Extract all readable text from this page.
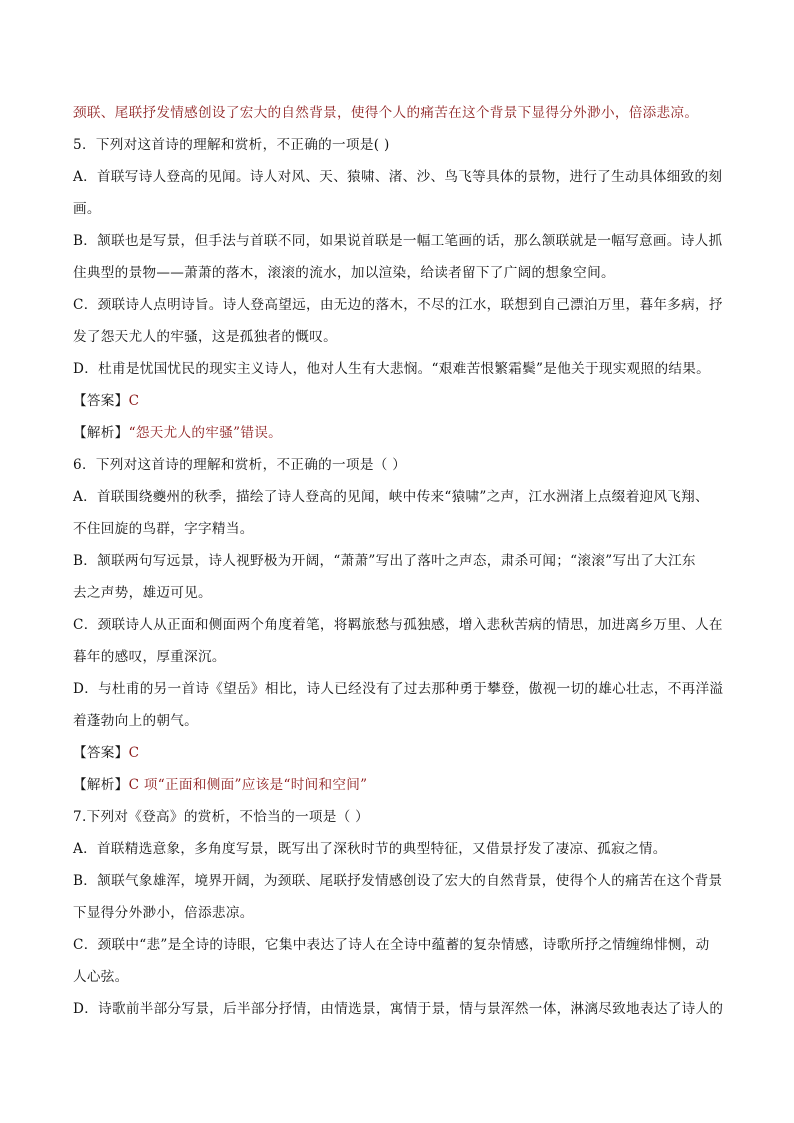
颈联、尾联抒发情感创设了宏大的自然背景，使得个人的痛苦在这个背景下显得分外渺小，倍添悲凉。
5．下列对这首诗的理解和赏析，不正确的一项是( )
A．首联写诗人登高的见闻。诗人对风、天、猿啸、渚、沙、鸟飞等具体的景物，进行了生动具体细致的刻
画。
B．颔联也是写景，但手法与首联不同，如果说首联是一幅工笔画的话，那么颔联就是一幅写意画。诗人抓
住典型的景物——萧萧的落木，滚滚的流水，加以渲染，给读者留下了广阔的想象空间。
C．颈联诗人点明诗旨。诗人登高望远，由无边的落木，不尽的江水，联想到自己漂泊万里，暮年多病，抒
发了怨天尤人的牢骚，这是孤独者的慨叹。
D．杜甫是忧国忧民的现实主义诗人，他对人生有大悲悯。“艰难苦恨繁霜鬓”是他关于现实观照的结果。
【答案】C
【解析】“怨天尤人的牢骚”错误。
6．下列对这首诗的理解和赏析，不正确的一项是（ ）
A．首联围绕夔州的秋季，描绘了诗人登高的见闻，峡中传来“猿啸”之声，江水洲渚上点缀着迎风飞翔、
不住回旋的鸟群，字字精当。
B．颔联两句写远景，诗人视野极为开阔，“萧萧”写出了落叶之声态，肃杀可闻；“滚滚”写出了大江东
去之声势，雄迈可见。
C．颈联诗人从正面和侧面两个角度着笔，将羁旅愁与孤独感，增入悲秋苦病的情思，加进离乡万里、人在
暮年的感叹，厚重深沉。
D．与杜甫的另一首诗《望岳》相比，诗人已经没有了过去那种勇于攀登，傲视一切的雄心壮志，不再洋溢
着蓬勃向上的朝气。
【答案】C
【解析】C 项“正面和侧面”应该是“时间和空间”
7.下列对《登高》的赏析，不恰当的一项是（ ）
A．首联精选意象，多角度写景，既写出了深秋时节的典型特征，又借景抒发了凄凉、孤寂之情。
B．颔联气象雄浑，境界开阔，为颈联、尾联抒发情感创设了宏大的自然背景，使得个人的痛苦在这个背景
下显得分外渺小，倍添悲凉。
C．颈联中“悲”是全诗的诗眼，它集中表达了诗人在全诗中蕴蓄的复杂情感，诗歌所抒之情缠绵悱恻，动
人心弦。
D．诗歌前半部分写景，后半部分抒情，由情选景，寓情于景，情与景浑然一体，淋漓尽致地表达了诗人的
